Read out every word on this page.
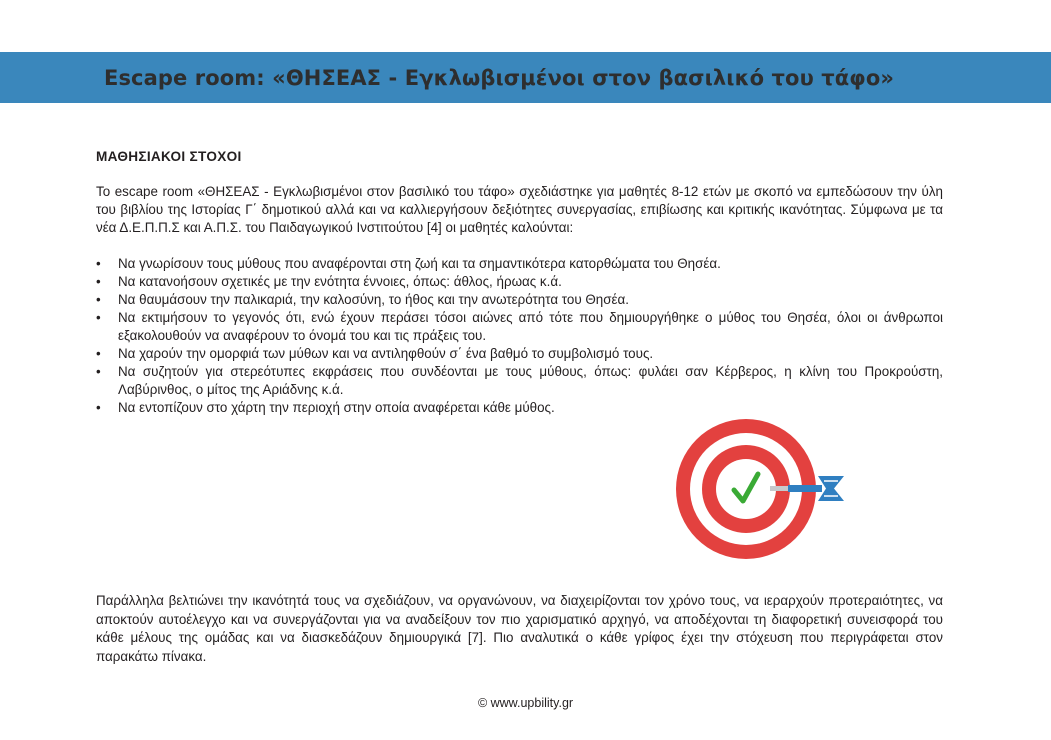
Escape room: «ΘΗΣΕΑΣ - Εγκλωβισμένοι στον βασιλικό του τάφο»
ΜΑΘΗΣΙΑΚΟΙ ΣΤΟΧΟΙ

Το escape room «ΘΗΣΕΑΣ - Εγκλωβισμένοι στον βασιλικό του τάφο» σχεδιάστηκε για μαθητές 8-12 ετών με σκοπό να εμπεδώσουν την ύλη του βιβλίου της Ιστορίας Γ΄ δημοτικού αλλά και να καλλιεργήσουν δεξιότητες συνεργασίας, επιβίωσης και κριτικής ικανότητας. Σύμφωνα με τα νέα Δ.Ε.Π.Π.Σ και Α.Π.Σ. του Παιδαγωγικού Ινστιτούτου [4] οι μαθητές καλούνται:

• Να γνωρίσουν τους μύθους που αναφέρονται στη ζωή και τα σημαντικότερα κατορθώματα του Θησέα.
• Να κατανοήσουν σχετικές με την ενότητα έννοιες, όπως: άθλος, ήρωας κ.ά.
• Να θαυμάσουν την παλικαριά, την καλοσύνη, το ήθος και την ανωτερότητα του Θησέα.
• Να εκτιμήσουν το γεγονός ότι, ενώ έχουν περάσει τόσοι αιώνες από τότε που δημιουργήθηκε ο μύθος του Θησέα, όλοι οι άνθρωποι εξακολουθούν να αναφέρουν το όνομά του και τις πράξεις του.
• Να χαρούν την ομορφιά των μύθων και να αντιληφθούν σ΄ ένα βαθμό το συμβολισμό τους.
• Να συζητούν για στερεότυπες εκφράσεις που συνδέονται με τους μύθους, όπως: φυλάει σαν Κέρβερος, η κλίνη του Προκρούστη, Λαβύρινθος, ο μίτος της Αριάδνης κ.ά.
• Να εντοπίζουν στο χάρτη την περιοχή στην οποία αναφέρεται κάθε μύθος.

Παράλληλα βελτιώνει την ικανότητά τους να σχεδιάζουν, να οργανώνουν, να διαχειρίζονται τον χρόνο τους, να ιεραρχούν προτεραιότητες, να αποκτούν αυτοέλεγχο και να συνεργάζονται για να αναδείξουν τον πιο χαρισματικό αρχηγό, να αποδέχονται τη διαφορετική συνεισφορά του κάθε μέλους της ομάδας και να διασκεδάζουν δημιουργικά [7]. Πιο αναλυτικά ο κάθε γρίφος έχει την στόχευση που περιγράφεται στον παρακάτω πίνακα.

© www.upbility.gr
